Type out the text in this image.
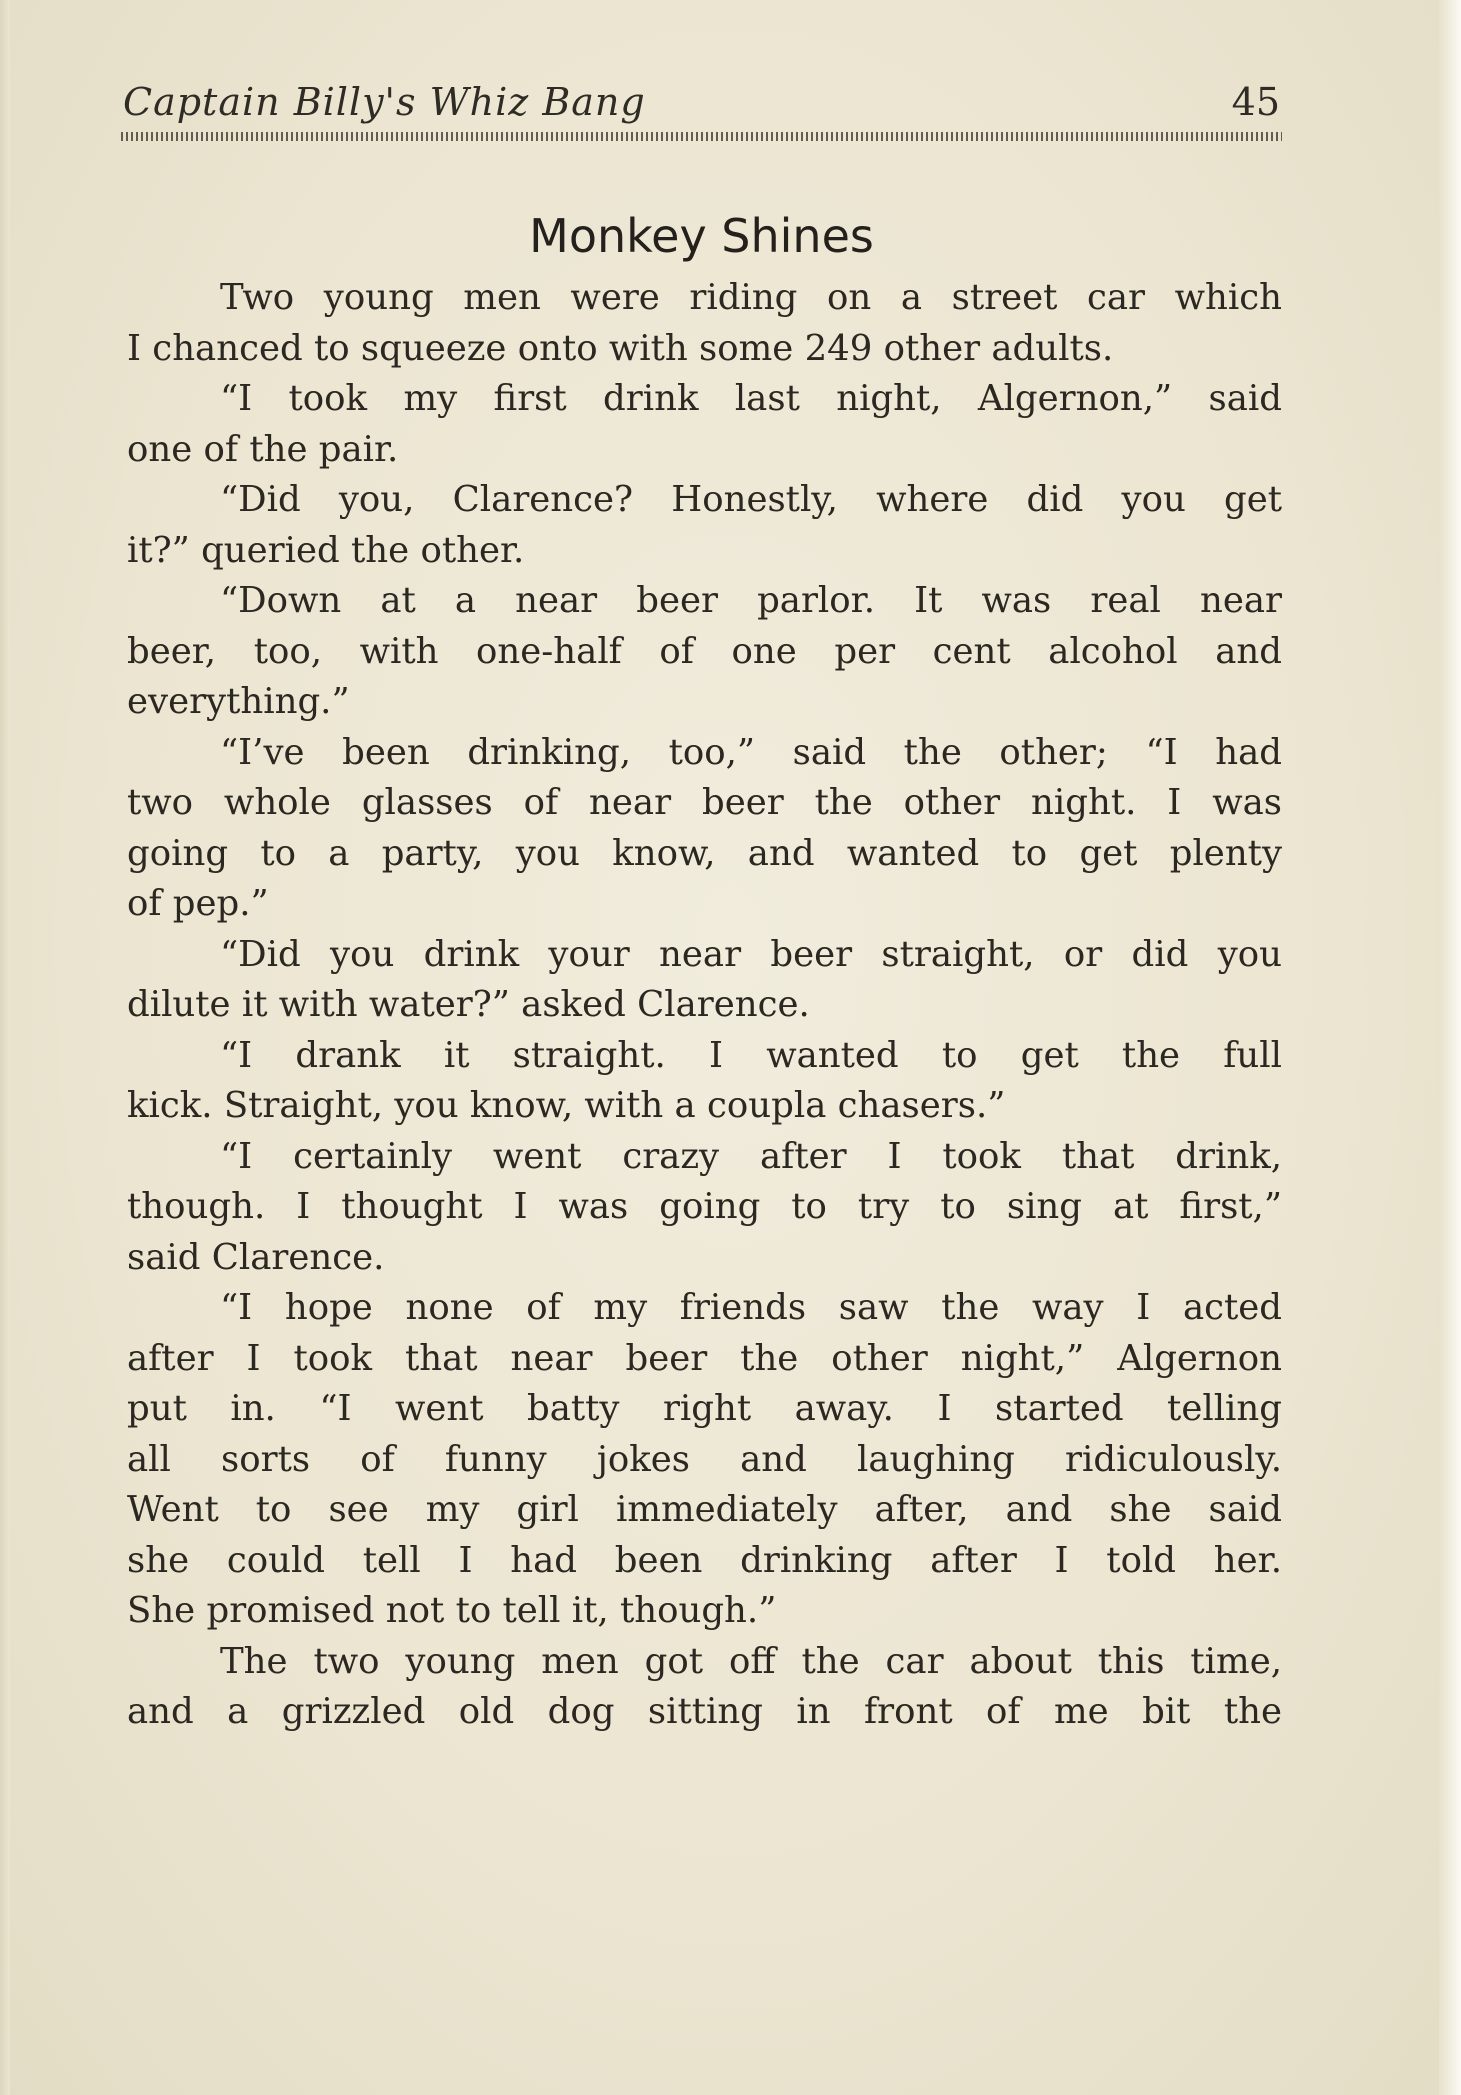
Captain Billy's Whiz Bang	45
Monkey Shines
Two young men were riding on a street car which
I chanced to squeeze onto with some 249 other adults.
“I took my first drink last night, Algernon,” said
one of the pair.
“Did you, Clarence? Honestly, where did you get
it?” queried the other.
“Down at a near beer parlor. It was real near
beer, too, with one-half of one per cent alcohol and
everything.”
“I’ve been drinking, too,” said the other; “I had
two whole glasses of near beer the other night. I was
going to a party, you know, and wanted to get plenty
of pep.”
“Did you drink your near beer straight, or did you
dilute it with water?” asked Clarence.
“I drank it straight. I wanted to get the full
kick. Straight, you know, with a coupla chasers.”
“I certainly went crazy after I took that drink,
though. I thought I was going to try to sing at first,”
said Clarence.
“I hope none of my friends saw the way I acted
after I took that near beer the other night,” Algernon
put in. “I went batty right away. I started telling
all sorts of funny jokes and laughing ridiculously.
Went to see my girl immediately after, and she said
she could tell I had been drinking after I told her.
She promised not to tell it, though.”
The two young men got off the car about this time,
and a grizzled old dog sitting in front of me bit the
